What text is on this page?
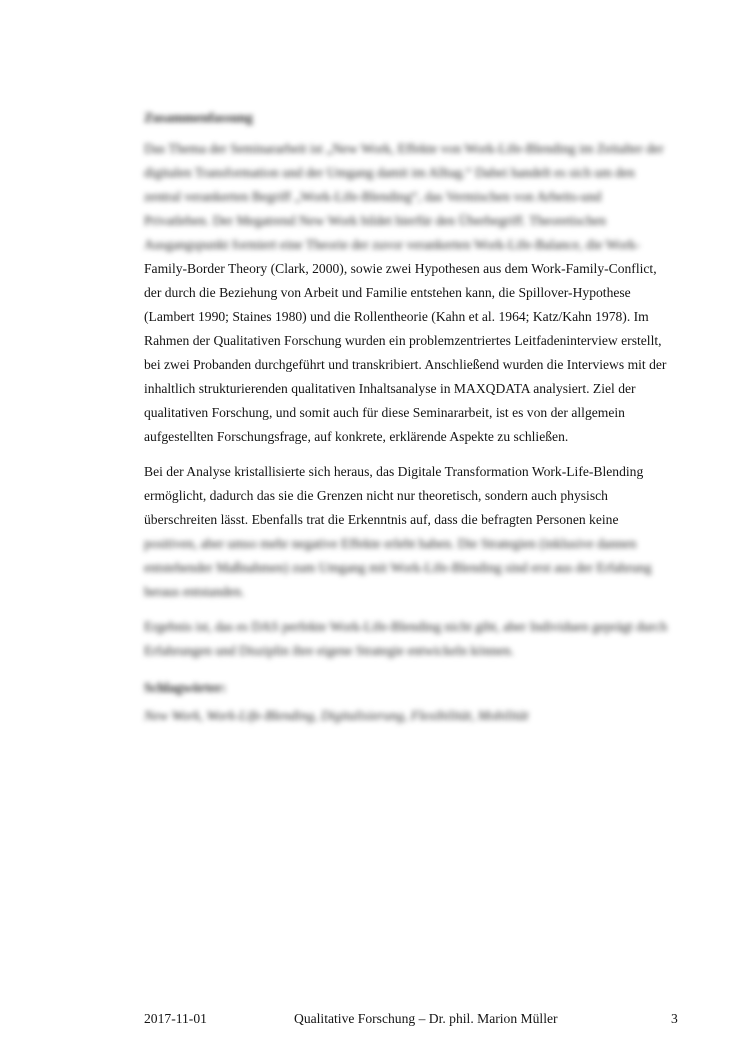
Zusammenfassung
Das Thema der Seminararbeit ist „New Work, Effekte von Work-Life-Blending im Zeitalter der
digitalen Transformation und der Umgang damit im Alltag.“ Dabei handelt es sich um den
zentral verankerten Begriff „Work-Life-Blending“, das Vermischen von Arbeits-und
Privatleben. Der Megatrend New Work bildet hierfür den Überbegriff. Theoretischen
Ausgangspunkt formiert eine Theorie der zuvor verankerten Work-Life-Balance, die Work-
Family-Border Theory (Clark, 2000), sowie zwei Hypothesen aus dem Work-Family-Conflict,
der durch die Beziehung von Arbeit und Familie entstehen kann, die Spillover-Hypothese
(Lambert 1990; Staines 1980) und die Rollentheorie (Kahn et al. 1964; Katz/Kahn 1978). Im
Rahmen der Qualitativen Forschung wurden ein problemzentriertes Leitfadeninterview erstellt,
bei zwei Probanden durchgeführt und transkribiert. Anschließend wurden die Interviews mit der
inhaltlich strukturierenden qualitativen Inhaltsanalyse in MAXQDATA analysiert. Ziel der
qualitativen Forschung, und somit auch für diese Seminararbeit, ist es von der allgemein
aufgestellten Forschungsfrage, auf konkrete, erklärende Aspekte zu schließen.
Bei der Analyse kristallisierte sich heraus, das Digitale Transformation Work-Life-Blending
ermöglicht, dadurch das sie die Grenzen nicht nur theoretisch, sondern auch physisch
überschreiten lässt. Ebenfalls trat die Erkenntnis auf, dass die befragten Personen keine
positiven, aber umso mehr negative Effekte erlebt haben. Die Strategien (inklusive dannen
entstehender Maßnahmen) zum Umgang mit Work-Life-Blending sind erst aus der Erfahrung
heraus entstanden.
Ergebnis ist, das es DAS perfekte Work-Life-Blending nicht gibt, aber Individuen geprägt durch
Erfahrungen und Disziplin ihre eigene Strategie entwickeln können.
Schlagwörter:
New Work, Work-Life-Blending, Digitalisierung, Flexibilität, Mobilität
2017-11-01	Qualitative Forschung – Dr. phil. Marion Müller	3
